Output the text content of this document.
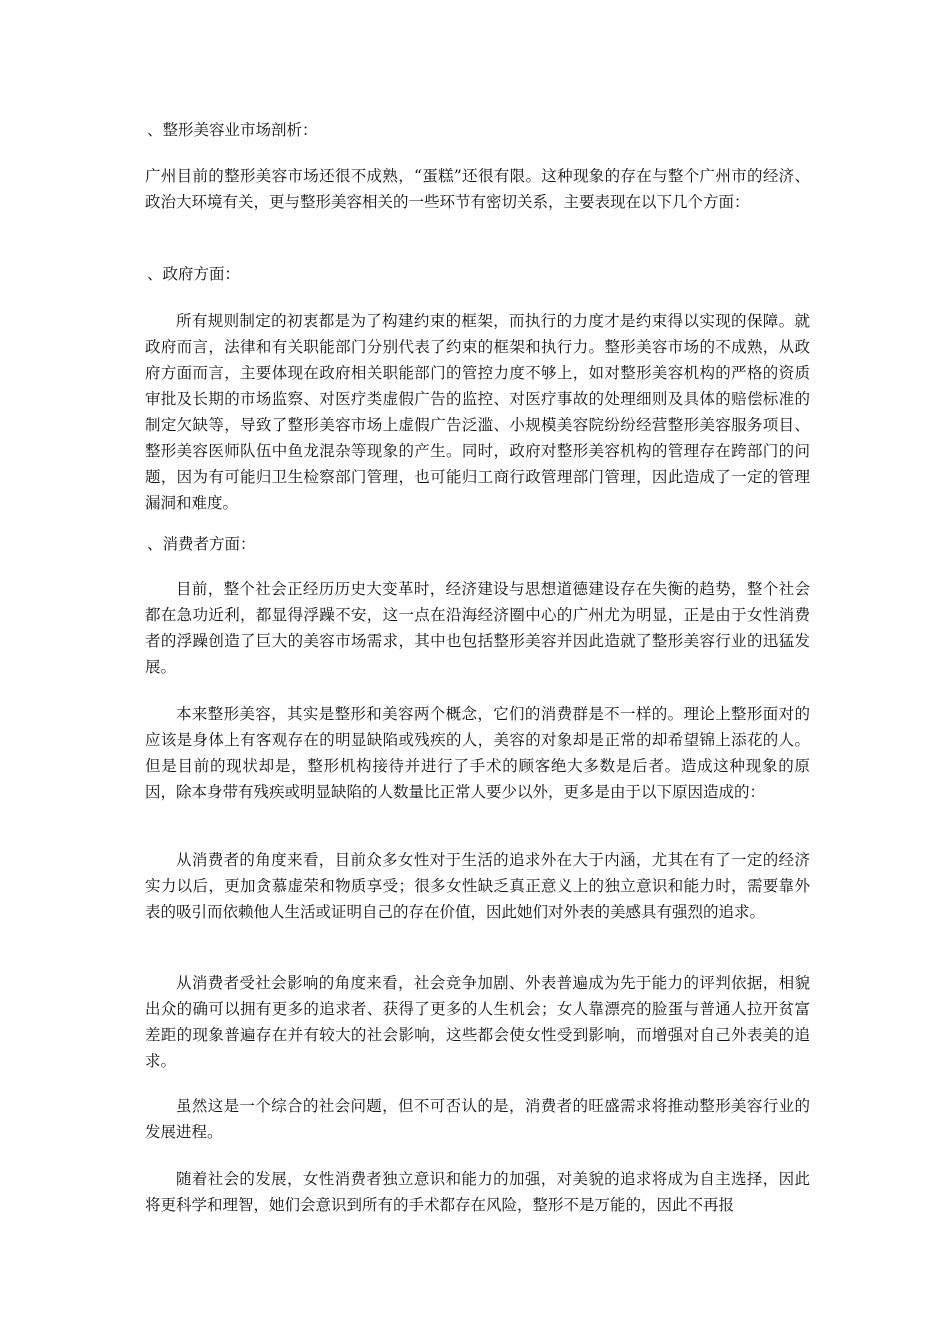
、整形美容业市场剖析：

广州目前的整形美容市场还很不成熟，“蛋糕”还很有限。这种现象的存在与整个广州市的经济、政治大环境有关，更与整形美容相关的一些环节有密切关系，主要表现在以下几个方面：

、政府方面：

所有规则制定的初衷都是为了构建约束的框架，而执行的力度才是约束得以实现的保障。就政府而言，法律和有关职能部门分别代表了约束的框架和执行力。整形美容市场的不成熟，从政府方面而言，主要体现在政府相关职能部门的管控力度不够上，如对整形美容机构的严格的资质审批及长期的市场监察、对医疗类虚假广告的监控、对医疗事故的处理细则及具体的赔偿标准的制定欠缺等，导致了整形美容市场上虚假广告泛滥、小规模美容院纷纷经营整形美容服务项目、整形美容医师队伍中鱼龙混杂等现象的产生。同时，政府对整形美容机构的管理存在跨部门的问题，因为有可能归卫生检察部门管理，也可能归工商行政管理部门管理，因此造成了一定的管理漏洞和难度。

、消费者方面：

目前，整个社会正经历历史大变革时，经济建设与思想道德建设存在失衡的趋势，整个社会都在急功近利，都显得浮躁不安，这一点在沿海经济圈中心的广州尤为明显，正是由于女性消费者的浮躁创造了巨大的美容市场需求，其中也包括整形美容并因此造就了整形美容行业的迅猛发展。

本来整形美容，其实是整形和美容两个概念，它们的消费群是不一样的。理论上整形面对的应该是身体上有客观存在的明显缺陷或残疾的人，美容的对象却是正常的却希望锦上添花的人。但是目前的现状却是，整形机构接待并进行了手术的顾客绝大多数是后者。造成这种现象的原因，除本身带有残疾或明显缺陷的人数量比正常人要少以外，更多是由于以下原因造成的：

从消费者的角度来看，目前众多女性对于生活的追求外在大于内涵，尤其在有了一定的经济实力以后，更加贪慕虚荣和物质享受；很多女性缺乏真正意义上的独立意识和能力时，需要靠外表的吸引而依赖他人生活或证明自己的存在价值，因此她们对外表的美感具有强烈的追求。

从消费者受社会影响的角度来看，社会竞争加剧、外表普遍成为先于能力的评判依据，相貌出众的确可以拥有更多的追求者、获得了更多的人生机会；女人靠漂亮的脸蛋与普通人拉开贫富差距的现象普遍存在并有较大的社会影响，这些都会使女性受到影响，而增强对自己外表美的追求。

虽然这是一个综合的社会问题，但不可否认的是，消费者的旺盛需求将推动整形美容行业的发展进程。

随着社会的发展，女性消费者独立意识和能力的加强，对美貌的追求将成为自主选择，因此将更科学和理智，她们会意识到所有的手术都存在风险，整形不是万能的，因此不再报
